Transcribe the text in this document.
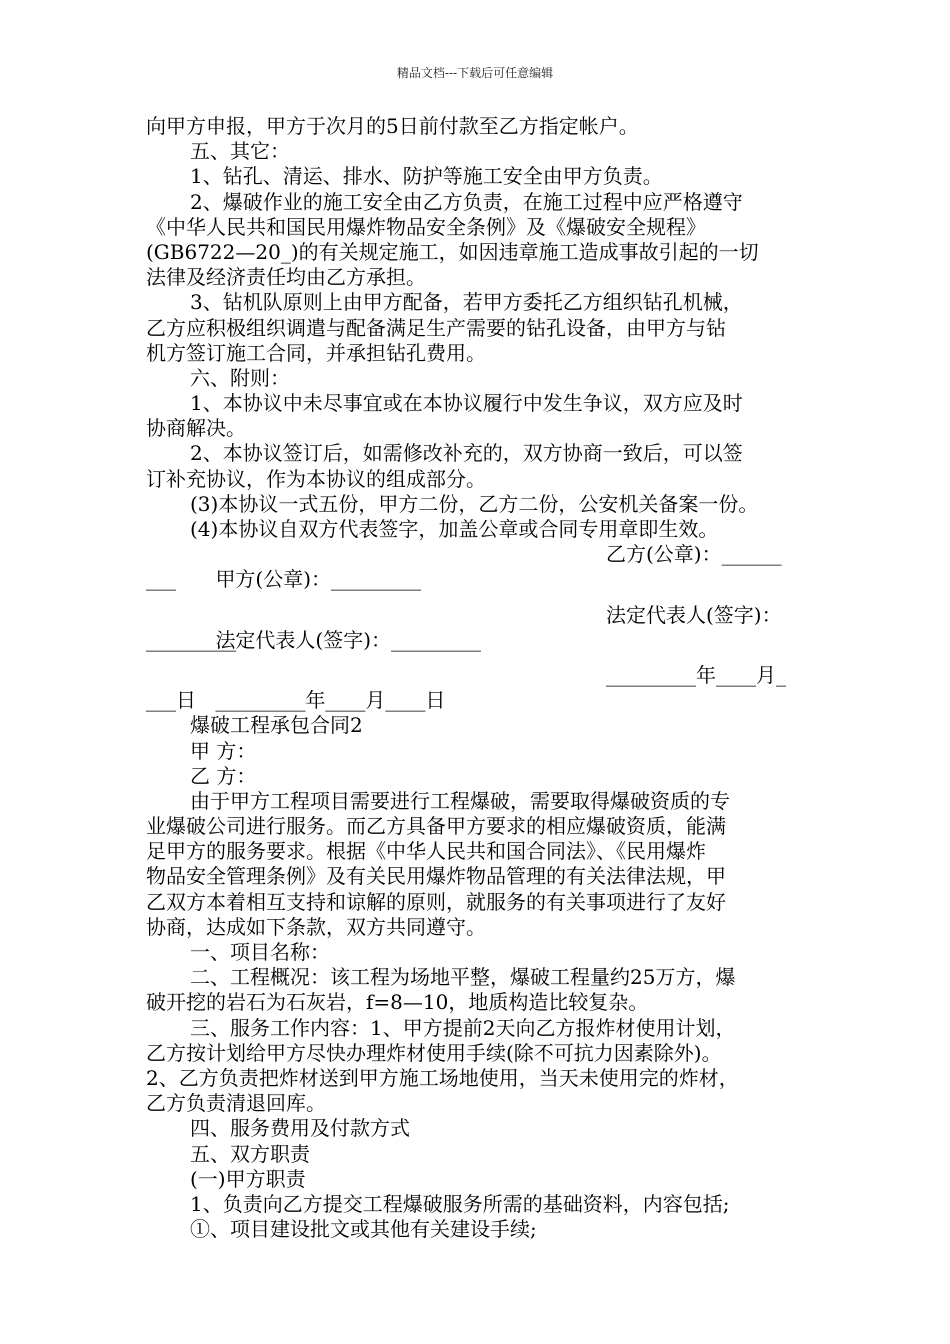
精品文档---下载后可任意编辑
向甲方申报，甲方于次月的5日前付款至乙方指定帐户。
五、其它：
1、钻孔、清运、排水、防护等施工安全由甲方负责。
2、爆破作业的施工安全由乙方负责，在施工过程中应严格遵守
《中华人民共和国民用爆炸物品安全条例》及《爆破安全规程》
(GB6722—20_)的有关规定施工，如因违章施工造成事故引起的一切
法律及经济责任均由乙方承担。
3、钻机队原则上由甲方配备，若甲方委托乙方组织钻孔机械，
乙方应积极组织调遣与配备满足生产需要的钻孔设备，由甲方与钻
机方签订施工合同，并承担钻孔费用。
六、附则：
1、本协议中未尽事宜或在本协议履行中发生争议，双方应及时
协商解决。
2、本协议签订后，如需修改补充的，双方协商一致后，可以签
订补充协议，作为本协议的组成部分。
(3)本协议一式五份，甲方二份，乙方二份，公安机关备案一份。
(4)本协议自双方代表签字，加盖公章或合同专用章即生效。

甲方(公章)：_________

乙方(公章)：______

___

法定代表人(签字)：_________

法定代表人(签字)：

_________

_________年____月____日

_________年____月_

___日
爆破工程承包合同2
甲 方：
乙 方：
由于甲方工程项目需要进行工程爆破，需要取得爆破资质的专
业爆破公司进行服务。而乙方具备甲方要求的相应爆破资质，能满
足甲方的服务要求。根据《中华人民共和国合同法》、《民用爆炸
物品安全管理条例》及有关民用爆炸物品管理的有关法律法规，甲
乙双方本着相互支持和谅解的原则，就服务的有关事项进行了友好
协商，达成如下条款，双方共同遵守。
一、项目名称：
二、工程概况：该工程为场地平整，爆破工程量约25万方，爆
破开挖的岩石为石灰岩，f=8—10，地质构造比较复杂。
三、服务工作内容：1、甲方提前2天向乙方报炸材使用计划，
乙方按计划给甲方尽快办理炸材使用手续(除不可抗力因素除外)。
2、乙方负责把炸材送到甲方施工场地使用，当天未使用完的炸材，
乙方负责清退回库。
四、服务费用及付款方式
五、双方职责
(一)甲方职责
1、负责向乙方提交工程爆破服务所需的基础资料，内容包括;
①、项目建设批文或其他有关建设手续;
